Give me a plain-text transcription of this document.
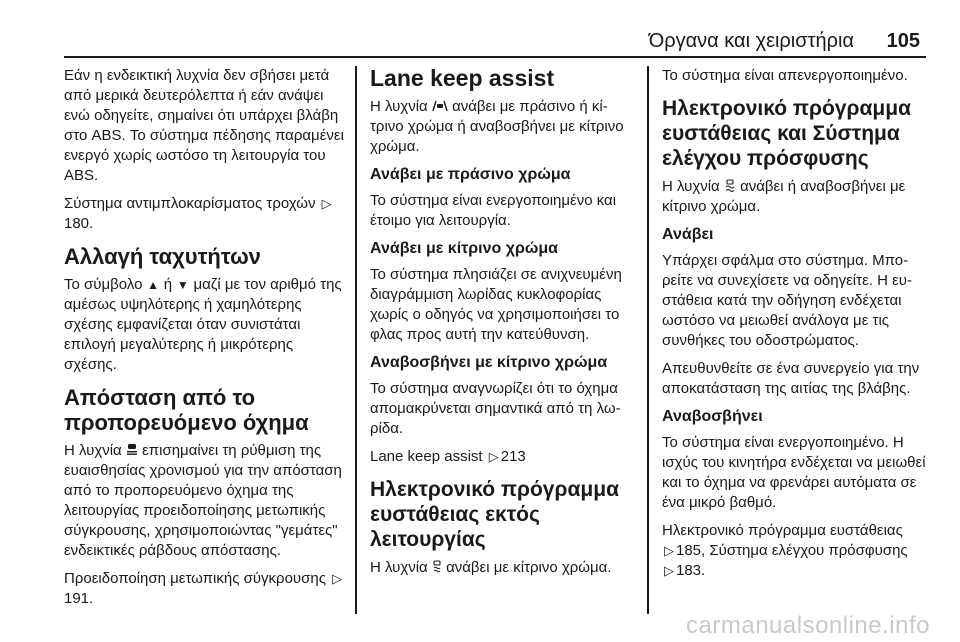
Όργανα και χειριστήρια 105

Εάν η ενδεικτική λυχνία δεν σβήσει μετά από μερικά δευτερόλεπτα ή εάν ανάψει ενώ οδηγείτε, σημαίνει ότι υπάρχει βλάβη στο ABS. Το σύστημα πέδησης παραμένει ενεργό χωρίς ωστόσο τη λειτουργία του ABS.

Σύστημα αντιμπλοκαρίσματος τροχών ▷180.

Αλλαγή ταχυτήτων

Το σύμβολο ▲ ή ▼ μαζί με τον αριθμό της αμέσως υψηλότερης ή χαμηλότερης σχέσης εμφανίζεται όταν συνιστάται επιλογή μεγαλύτερης ή μικρότερης σχέσης.

Απόσταση από το
προπορευόμενο όχημα

Η λυχνία επισημαίνει τη ρύθμιση της ευαισθησίας χρονισμού για την απόσταση από το προπορευόμενο όχημα της λειτουργίας προειδοποίησης μετωπικής σύγκρουσης, χρησιμοποιώντας "γεμάτες" ενδεικτικές ράβδους απόστασης.

Προειδοποίηση μετωπικής σύγκρουσης ▷191.

Lane keep assist

Η λυχνία ανάβει με πράσινο ή κίτρινο χρώμα ή αναβοσβήνει με κίτρινο χρώμα.

Ανάβει με πράσινο χρώμα

Το σύστημα είναι ενεργοποιημένο και έτοιμο για λειτουργία.

Ανάβει με κίτρινο χρώμα

Το σύστημα πλησιάζει σε ανιχνευμένη διαγράμμιση λωρίδας κυκλοφορίας χωρίς ο οδηγός να χρησιμοποιήσει το φλας προς αυτή την κατεύθυνση.

Αναβοσβήνει με κίτρινο χρώμα

Το σύστημα αναγνωρίζει ότι το όχημα απομακρύνεται σημαντικά από τη λωρίδα.

Lane keep assist ▷ 213

Ηλεκτρονικό πρόγραμμα
ευστάθειας εκτός
λειτουργίας

Η λυχνία ανάβει με κίτρινο χρώμα.

Το σύστημα είναι απενεργοποιημένο.

Ηλεκτρονικό πρόγραμμα
ευστάθειας και Σύστημα
ελέγχου πρόσφυσης

Η λυχνία ανάβει ή αναβοσβήνει με κίτρινο χρώμα.

Ανάβει

Υπάρχει σφάλμα στο σύστημα. Μπορείτε να συνεχίσετε να οδηγείτε. Η ευστάθεια κατά την οδήγηση ενδέχεται ωστόσο να μειωθεί ανάλογα με τις συνθήκες του οδοστρώματος.

Απευθυνθείτε σε ένα συνεργείο για την αποκατάσταση της αιτίας της βλάβης.

Αναβοσβήνει

Το σύστημα είναι ενεργοποιημένο. Η ισχύς του κινητήρα ενδέχεται να μειωθεί και το όχημα να φρενάρει αυτόματα σε ένα μικρό βαθμό.

Ηλεκτρονικό πρόγραμμα ευστάθειας
▷ 185, Σύστημα ελέγχου πρόσφυσης
▷ 183.

carmanualsonline.info
